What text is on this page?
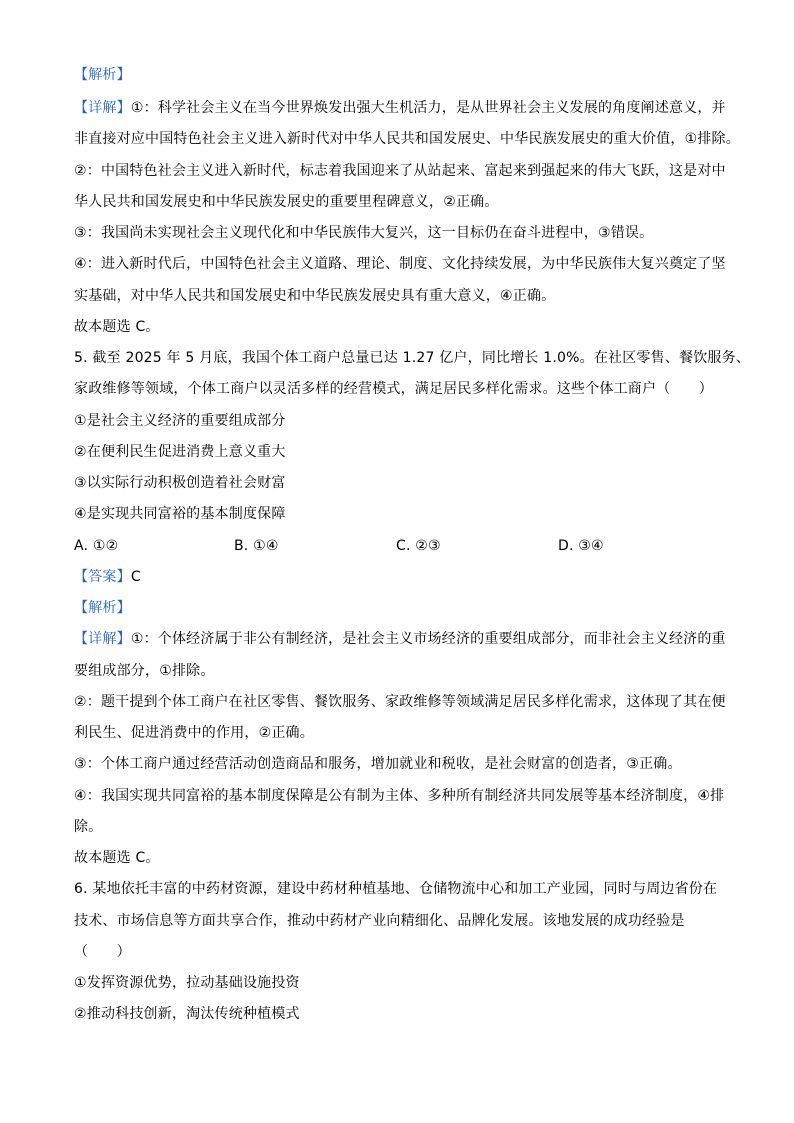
【解析】
【详解】①：科学社会主义在当今世界焕发出强大生机活力，是从世界社会主义发展的角度阐述意义，并
非直接对应中国特色社会主义进入新时代对中华人民共和国发展史、中华民族发展史的重大价值，①排除。
②：中国特色社会主义进入新时代，标志着我国迎来了从站起来、富起来到强起来的伟大飞跃，这是对中
华人民共和国发展史和中华民族发展史的重要里程碑意义，②正确。
③：我国尚未实现社会主义现代化和中华民族伟大复兴，这一目标仍在奋斗进程中，③错误。
④：进入新时代后，中国特色社会主义道路、理论、制度、文化持续发展，为中华民族伟大复兴奠定了坚
实基础，对中华人民共和国发展史和中华民族发展史具有重大意义，④正确。
故本题选 C。
5. 截至 2025 年 5 月底，我国个体工商户总量已达 1.27 亿户，同比增长 1.0%。在社区零售、餐饮服务、
家政维修等领域，个体工商户以灵活多样的经营模式，满足居民多样化需求。这些个体工商户（　　）
①是社会主义经济的重要组成部分
②在便利民生促进消费上意义重大
③以实际行动积极创造着社会财富
④是实现共同富裕的基本制度保障
A. ①②	B. ①④	C. ②③	D. ③④
【答案】C
【解析】
【详解】①：个体经济属于非公有制经济，是社会主义市场经济的重要组成部分，而非社会主义经济的重
要组成部分，①排除。
②：题干提到个体工商户在社区零售、餐饮服务、家政维修等领域满足居民多样化需求，这体现了其在便
利民生、促进消费中的作用，②正确。
③：个体工商户通过经营活动创造商品和服务，增加就业和税收，是社会财富的创造者，③正确。
④：我国实现共同富裕的基本制度保障是公有制为主体、多种所有制经济共同发展等基本经济制度，④排
除。
故本题选 C。
6. 某地依托丰富的中药材资源，建设中药材种植基地、仓储物流中心和加工产业园，同时与周边省份在
技术、市场信息等方面共享合作，推动中药材产业向精细化、品牌化发展。该地发展的成功经验是
（　　）
①发挥资源优势，拉动基础设施投资
②推动科技创新，淘汰传统种植模式
